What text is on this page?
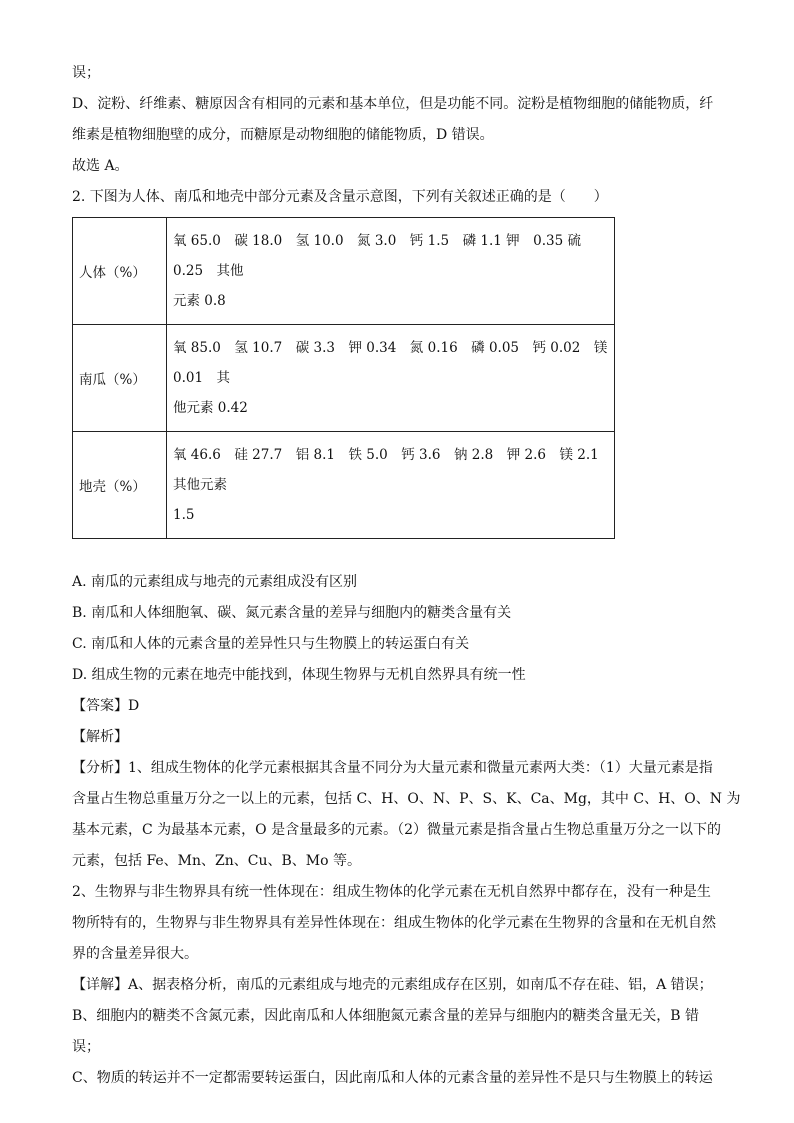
误；

D、淀粉、纤维素、糖原因含有相同的元素和基本单位，但是功能不同。淀粉是植物细胞的储能物质，纤

维素是植物细胞壁的成分，而糖原是动物细胞的储能物质，D 错误。

故选 A。

2. 下图为人体、南瓜和地壳中部分元素及含量示意图，下列有关叙述正确的是（　　）

人体（%）	氧 65.0　碳 18.0　氢 10.0　氮 3.0　钙 1.5　磷 1.1 钾　0.35 硫　0.25　其他
元素 0.8

南瓜（%）	氧 85.0　氢 10.7　碳 3.3　钾 0.34　氮 0.16　磷 0.05　钙 0.02　镁 0.01　其
他元素 0.42

地壳（%）	氧 46.6　硅 27.7　铝 8.1　铁 5.0　钙 3.6　钠 2.8　钾 2.6　镁 2.1　其他元素
1.5
A. 南瓜的元素组成与地壳的元素组成没有区别
B. 南瓜和人体细胞氧、碳、氮元素含量的差异与细胞内的糖类含量有关
C. 南瓜和人体的元素含量的差异性只与生物膜上的转运蛋白有关
D. 组成生物的元素在地壳中能找到，体现生物界与无机自然界具有统一性
【答案】D
【解析】
【分析】1、组成生物体的化学元素根据其含量不同分为大量元素和微量元素两大类：（1）大量元素是指
含量占生物总重量万分之一以上的元素，包括 C、H、O、N、P、S、K、Ca、Mg，其中 C、H、O、N 为
基本元素，C 为最基本元素，O 是含量最多的元素。（2）微量元素是指含量占生物总重量万分之一以下的
元素，包括 Fe、Mn、Zn、Cu、B、Mo 等。
2、生物界与非生物界具有统一性体现在：组成生物体的化学元素在无机自然界中都存在，没有一种是生
物所特有的，生物界与非生物界具有差异性体现在：组成生物体的化学元素在生物界的含量和在无机自然
界的含量差异很大。
【详解】A、据表格分析，南瓜的元素组成与地壳的元素组成存在区别，如南瓜不存在硅、铝，A 错误；
B、细胞内的糖类不含氮元素，因此南瓜和人体细胞氮元素含量的差异与细胞内的糖类含量无关，B 错
误；
C、物质的转运并不一定都需要转运蛋白，因此南瓜和人体的元素含量的差异性不是只与生物膜上的转运
